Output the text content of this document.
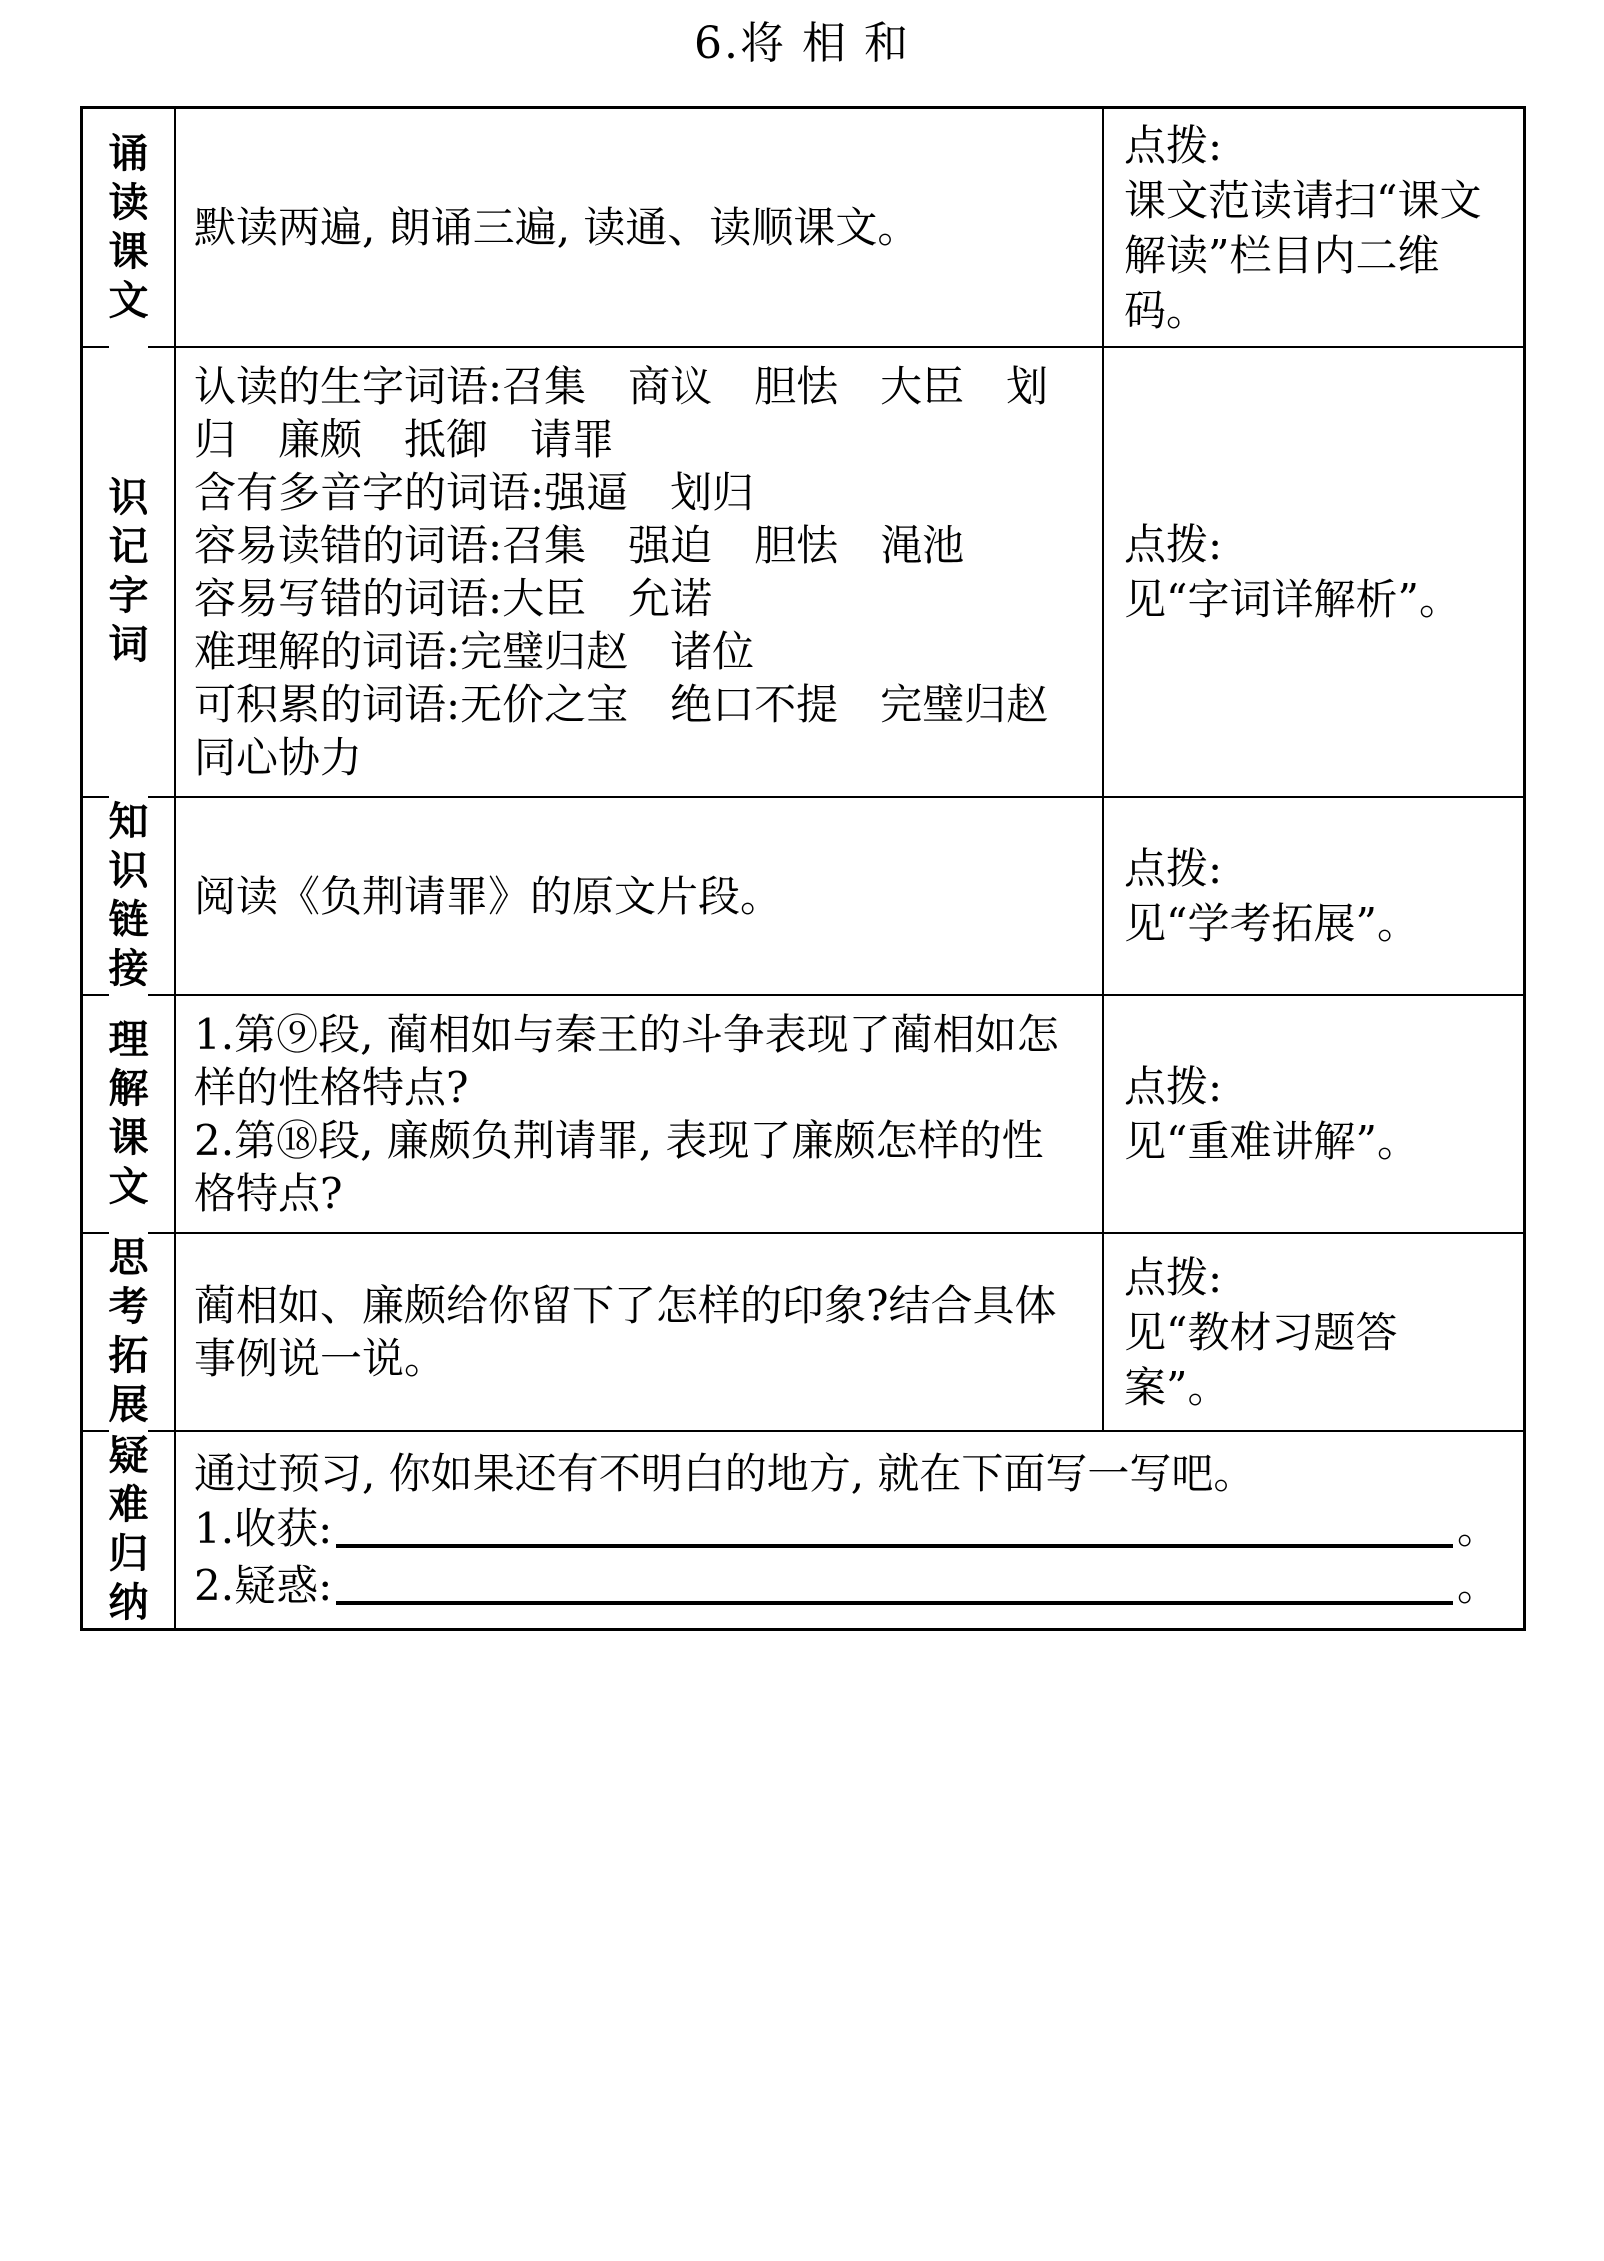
6.将 相 和
诵读课文
默读两遍, 朗诵三遍, 读通、读顺课文。
点拨:
课文范读请扫“课文
解读”栏目内二维
码。
识记字词
认读的生字词语:召集　商议　胆怯　大臣　划
归　廉颇　抵御　请罪
含有多音字的词语:强逼　划归
容易读错的词语:召集　强迫　胆怯　渑池
容易写错的词语:大臣　允诺
难理解的词语:完璧归赵　诸位
可积累的词语:无价之宝　绝口不提　完璧归赵
同心协力
点拨:
见“字词详解析”。
知识链接
阅读《负荆请罪》的原文片段。
点拨:
见“学考拓展”。
理解课文
1.第⑨段, 蔺相如与秦王的斗争表现了蔺相如怎
样的性格特点?
2.第⑱段, 廉颇负荆请罪, 表现了廉颇怎样的性
格特点?
点拨:
见“重难讲解”。
思考拓展
蔺相如、廉颇给你留下了怎样的印象?结合具体
事例说一说。
点拨:
见“教材习题答
案”。
疑难归纳
通过预习, 你如果还有不明白的地方, 就在下面写一写吧。
1.收获:	。
2.疑惑:	。
